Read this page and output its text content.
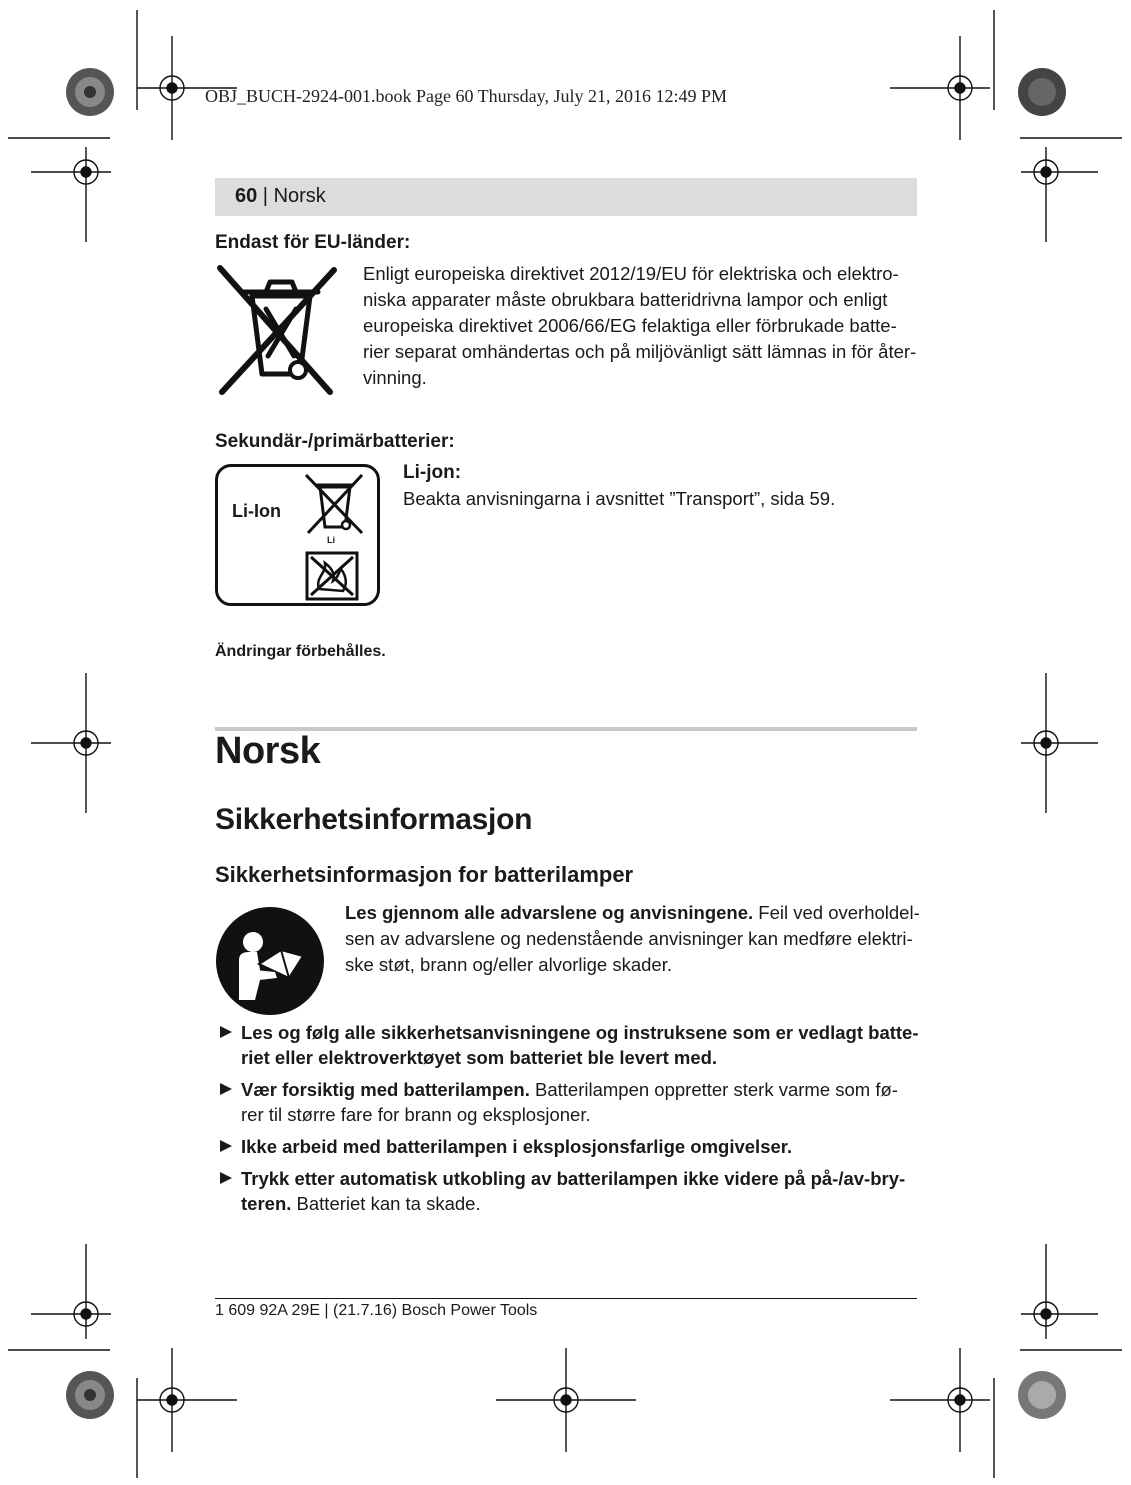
OBJ_BUCH-2924-001.book Page 60 Thursday, July 21, 2016 12:49 PM
60 | Norsk
Endast för EU-länder:
Enligt europeiska direktivet 2012/19/EU för elektriska och elektro-
niska apparater måste obrukbara batteridrivna lampor och enligt
europeiska direktivet 2006/66/EG felaktiga eller förbrukade batte-
rier separat omhändertas och på miljövänligt sätt lämnas in för åter-
vinning.
Sekundär-/primärbatterier:
Li-Ion
Li
Li-jon:
Beakta anvisningarna i avsnittet ”Transport”, sida 59.
Ändringar förbehålles.
Norsk
Sikkerhetsinformasjon
Sikkerhetsinformasjon for batterilamper
Les gjennom alle advarslene og anvisningene. Feil ved overholdel-
sen av advarslene og nedenstående anvisninger kan medføre elektri-
ske støt, brann og/eller alvorlige skader.
Les og følg alle sikkerhetsanvisningene og instruksene som er vedlagt batte-
riet eller elektroverktøyet som batteriet ble levert med.
Vær forsiktig med batterilampen. Batterilampen oppretter sterk varme som fø-
rer til større fare for brann og eksplosjoner.
Ikke arbeid med batterilampen i eksplosjonsfarlige omgivelser.
Trykk etter automatisk utkobling av batterilampen ikke videre på på-/av-bry-
teren. Batteriet kan ta skade.
1 609 92A 29E | (21.7.16) Bosch Power Tools
